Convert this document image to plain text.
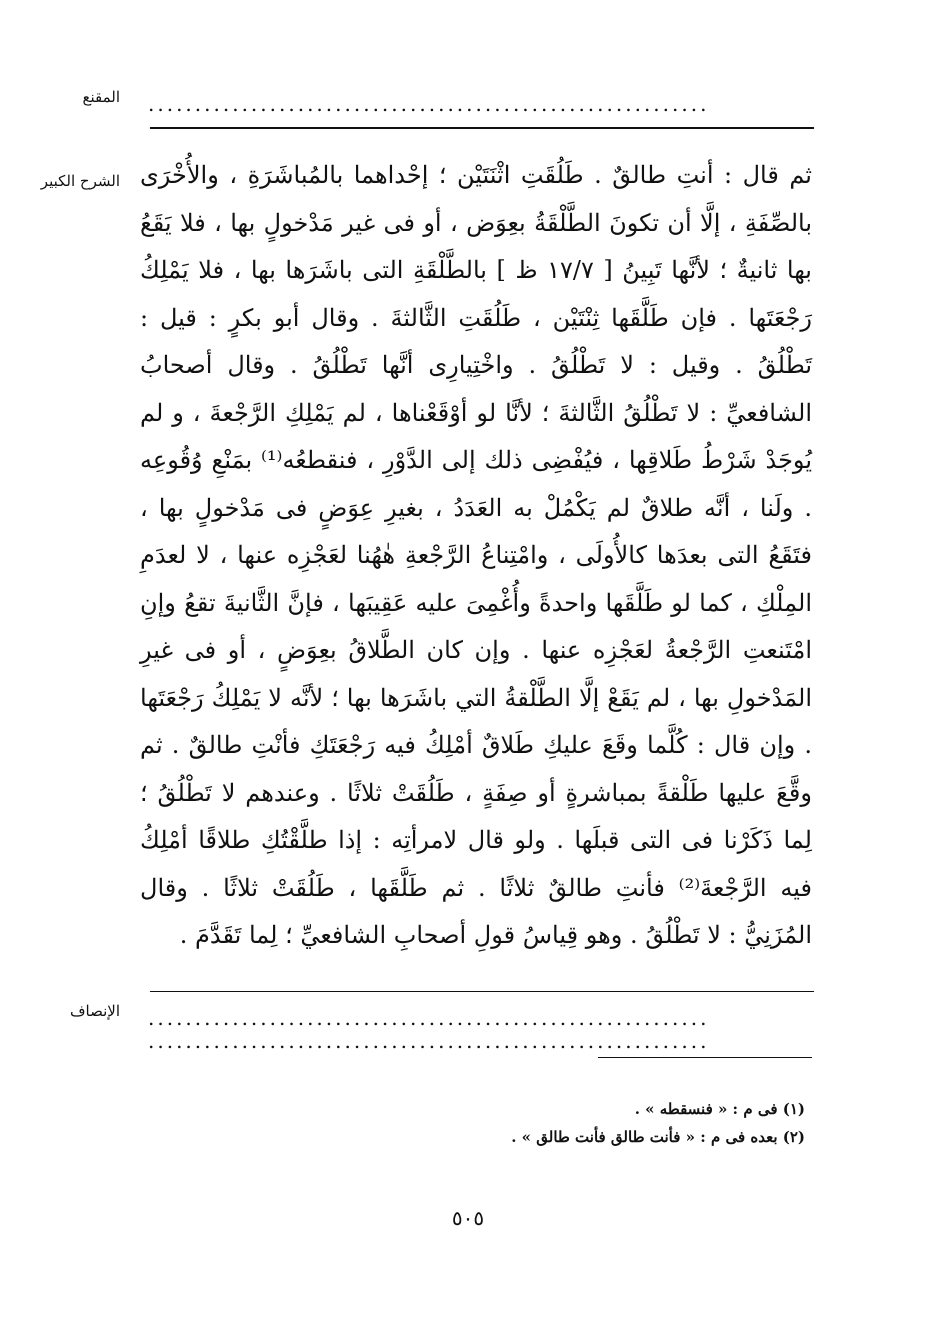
المقنع ............................................................
الشرح الكبير ثم قال : أنتِ طالقٌ . طَلُقَتِ اثْنَتَيْن ؛ إحْداهما بالمُباشَرَةِ ، والأُخْرَى بالصِّفَةِ ، إلَّا أن تكونَ الطَّلْقَةُ بعِوَض ، أو فى غير مَدْخولٍ بها ، فلا يَقَعُ بها ثانيةٌ ؛ لأنَّها تَبِينُ [ ١٧/٧ ظ ] بالطَّلْقَةِ التى باشَرَها بها ، فلا يَمْلِكُ رَجْعَتَها . فإن طَلَّقَها ثِنْتَيْن ، طَلُقَتِ الثَّالثةَ . وقال أبو بكرٍ : قيل : تَطْلُقُ . وقيل : لا تَطْلُقُ . واخْتِيارِى أنَّها تَطْلُقُ . وقال أصحابُ الشافعيِّ : لا تَطْلُقُ الثَّالثةَ ؛ لأنَّا لو أوْقَعْناها ، لم يَمْلِكِ الرَّجْعةَ ، و لم يُوجَدْ شَرْطُ طَلاقِها ، فيُفْضِى ذلك إلى الدَّوْرِ ، فنقطعُه⁽¹⁾ بمَنْعِ وُقُوعِه . ولَنا ، أنَّه طلاقٌ لم يَكْمُلْ به العَدَدُ ، بغيرِ عِوَضٍ فى مَدْخولٍ بها ، فتَقَعُ التى بعدَها كالأُولَى ، وامْتِناعُ الرَّجْعةِ هٰهُنا لعَجْزِه عنها ، لا لعدَمِ المِلْكِ ، كما لو طَلَّقَها واحدةً وأُغْمِىَ عليه عَقِيبَها ، فإنَّ الثَّانيةَ تقعُ وإنِ امْتَنعتِ الرَّجْعةُ لعَجْزِه عنها . وإن كان الطَّلاقُ بعِوَضٍ ، أو فى غيرِ المَدْخولِ بها ، لم يَقَعْ إلَّا الطَّلْقةُ التي باشَرَها بها ؛ لأنَّه لا يَمْلِكُ رَجْعَتَها . وإن قال : كُلَّما وقَعَ عليكِ طَلاقٌ أمْلِكُ فيه رَجْعَتَكِ فأنْتِ طالقٌ . ثم وقَّعَ عليها طَلْقةً بمباشرةٍ أو صِفَةٍ ، طَلُقَتْ ثلاثًا . وعندهم لا تَطْلُقُ ؛ لِما ذَكَرْنا فى التى قبلَها . ولو قال لامرأتِه : إذا طلَّقْتُكِ طلاقًا أمْلِكُ فيه الرَّجْعةَ⁽²⁾ فأنتِ طالقٌ ثلاثًا . ثم طَلَّقَها ، طَلُقَتْ ثلاثًا . وقال المُزَنِيُّ : لا تَطْلُقُ . وهو قِياسُ قولِ أصحابِ الشافعيِّ ؛ لِما تَقَدَّمَ .

الإنصاف ............................................................
............................................................

(١) فى م : « فنسقطه » .

(٢) بعده فى م : « فأنت طالق فأنت طالق » .

٥٠٥
